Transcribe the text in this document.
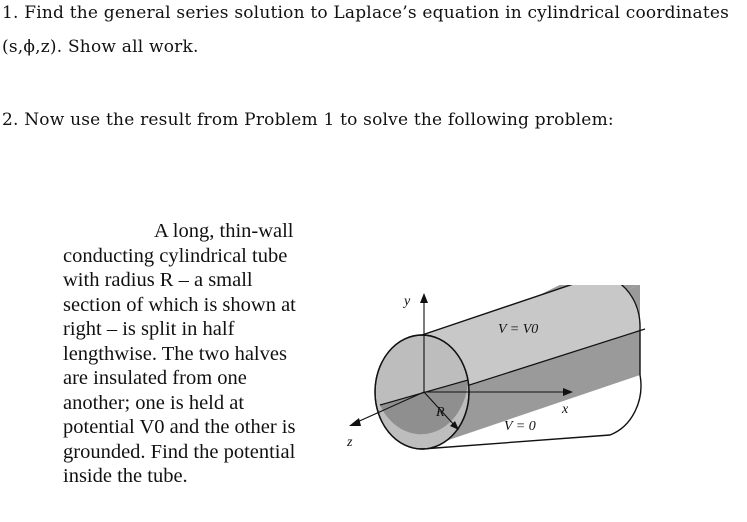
1. Find the general series solution to Laplace’s equation in cylindrical coordinates
(s,ϕ,z). Show all work.
2. Now use the result from Problem 1 to solve the following problem:
A long, thin-wall
conducting cylindrical tube
with radius R – a small
section of which is shown at
right – is split in half
lengthwise. The two halves
are insulated from one
another; one is held at
potential V0 and the other is
grounded. Find the potential
inside the tube.
y
x
z
R
V = V0
V = 0
